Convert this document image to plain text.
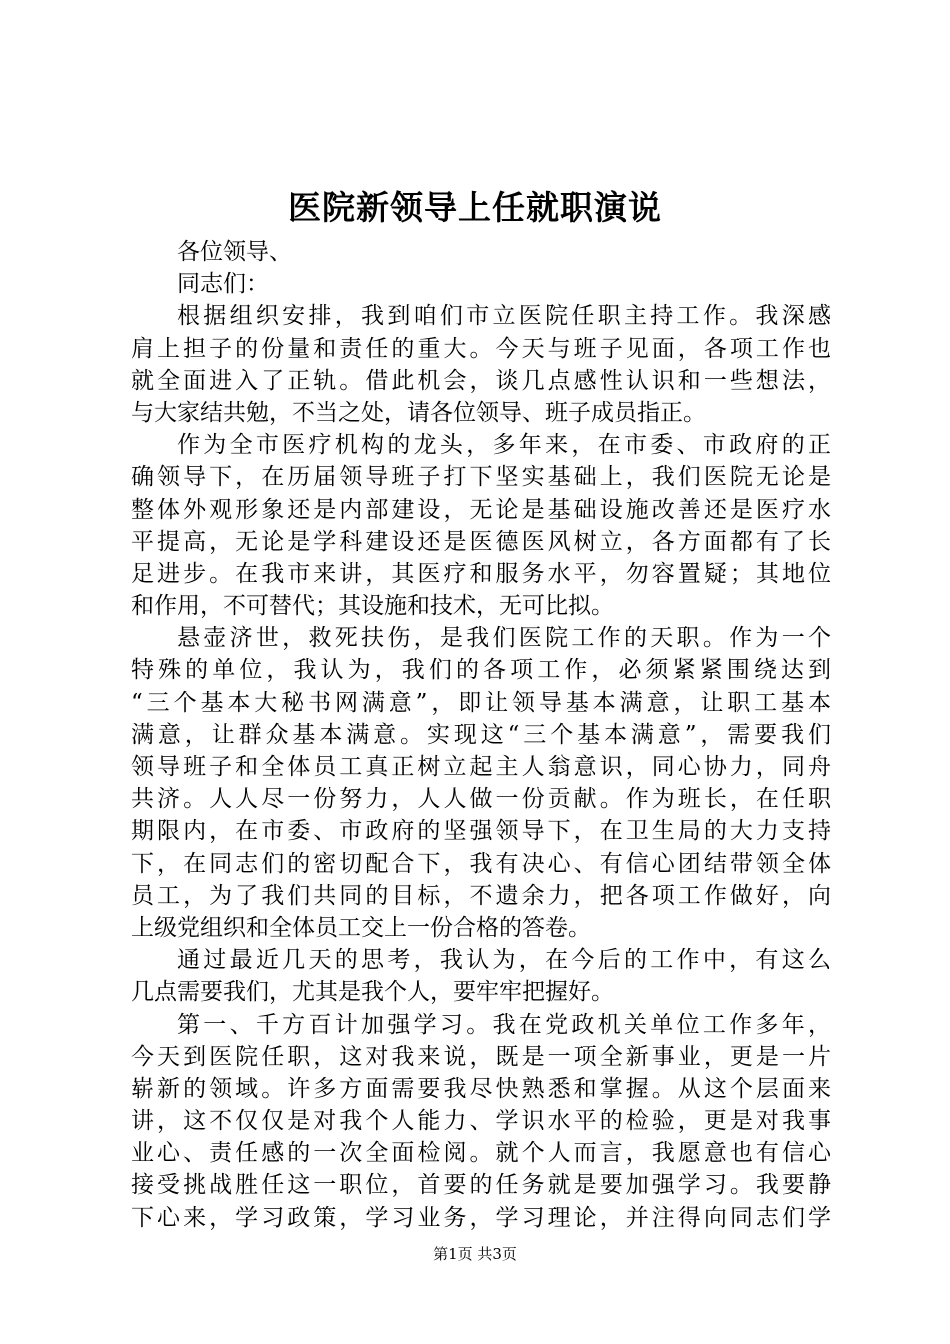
医院新领导上任就职演说
各位领导、
同志们：
根据组织安排，我到咱们市立医院任职主持工作。我深感
肩上担子的份量和责任的重大。今天与班子见面，各项工作也
就全面进入了正轨。借此机会，谈几点感性认识和一些想法，
与大家结共勉，不当之处，请各位领导、班子成员指正。
作为全市医疗机构的龙头，多年来，在市委、市政府的正
确领导下，在历届领导班子打下坚实基础上，我们医院无论是
整体外观形象还是内部建设，无论是基础设施改善还是医疗水
平提高，无论是学科建设还是医德医风树立，各方面都有了长
足进步。在我市来讲，其医疗和服务水平，勿容置疑；其地位
和作用，不可替代；其设施和技术，无可比拟。
悬壶济世，救死扶伤，是我们医院工作的天职。作为一个
特殊的单位，我认为，我们的各项工作，必须紧紧围绕达到
“三个基本大秘书网满意”，即让领导基本满意，让职工基本
满意，让群众基本满意。实现这“三个基本满意”，需要我们
领导班子和全体员工真正树立起主人翁意识，同心协力，同舟
共济。人人尽一份努力，人人做一份贡献。作为班长，在任职
期限内，在市委、市政府的坚强领导下，在卫生局的大力支持
下，在同志们的密切配合下，我有决心、有信心团结带领全体
员工，为了我们共同的目标，不遗余力，把各项工作做好，向
上级党组织和全体员工交上一份合格的答卷。
通过最近几天的思考，我认为，在今后的工作中，有这么
几点需要我们，尤其是我个人，要牢牢把握好。
第一、千方百计加强学习。我在党政机关单位工作多年，
今天到医院任职，这对我来说，既是一项全新事业，更是一片
崭新的领域。许多方面需要我尽快熟悉和掌握。从这个层面来
讲，这不仅仅是对我个人能力、学识水平的检验，更是对我事
业心、责任感的一次全面检阅。就个人而言，我愿意也有信心
接受挑战胜任这一职位，首要的任务就是要加强学习。我要静
下心来，学习政策，学习业务，学习理论，并注得向同志们学
第1页 共3页
